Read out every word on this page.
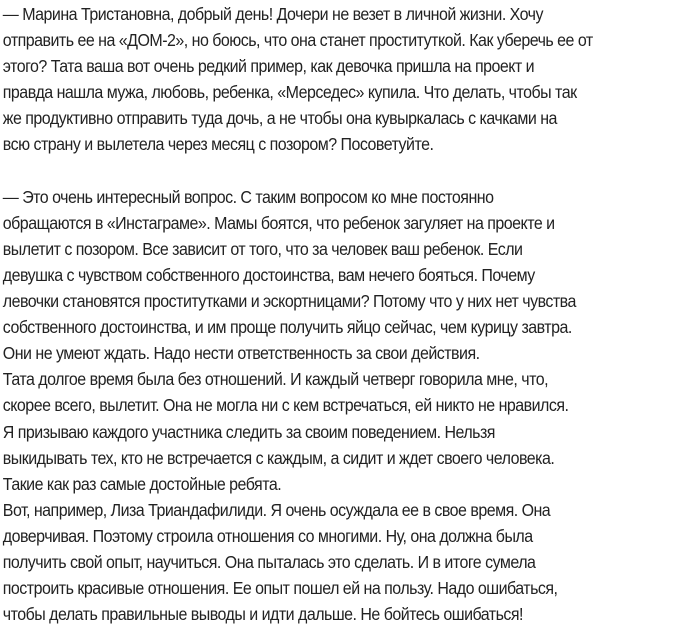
— Марина Тристановна, добрый день! Дочери не везет в личной жизни. Хочу
отправить ее на «ДОМ-2», но боюсь, что она станет проституткой. Как уберечь ее от
этого? Тата ваша вот очень редкий пример, как девочка пришла на проект и
правда нашла мужа, любовь, ребенка, «Мерседес» купила. Что делать, чтобы так
же продуктивно отправить туда дочь, а не чтобы она кувыркалась с качками на
всю страну и вылетела через месяц с позором? Посоветуйте.

— Это очень интересный вопрос. С таким вопросом ко мне постоянно
обращаются в «Инстаграме». Мамы боятся, что ребенок загуляет на проекте и
вылетит с позором. Все зависит от того, что за человек ваш ребенок. Если
девушка с чувством собственного достоинства, вам нечего бояться. Почему
левочки становятся проститутками и эскортницами? Потому что у них нет чувства
собственного достоинства, и им проще получить яйцо сейчас, чем курицу завтра.
Они не умеют ждать. Надо нести ответственность за свои действия.
Тата долгое время была без отношений. И каждый четверг говорила мне, что,
скорее всего, вылетит. Она не могла ни с кем встречаться, ей никто не нравился.
Я призываю каждого участника следить за своим поведением. Нельзя
выкидывать тех, кто не встречается с каждым, а сидит и ждет своего человека.
Такие как раз самые достойные ребята.
Вот, например, Лиза Триандафилиди. Я очень осуждала ее в свое время. Она
доверчивая. Поэтому строила отношения со многими. Ну, она должна была
получить свой опыт, научиться. Она пыталась это сделать. И в итоге сумела
построить красивые отношения. Ее опыт пошел ей на пользу. Надо ошибаться,
чтобы делать правильные выводы и идти дальше. Не бойтесь ошибаться!
